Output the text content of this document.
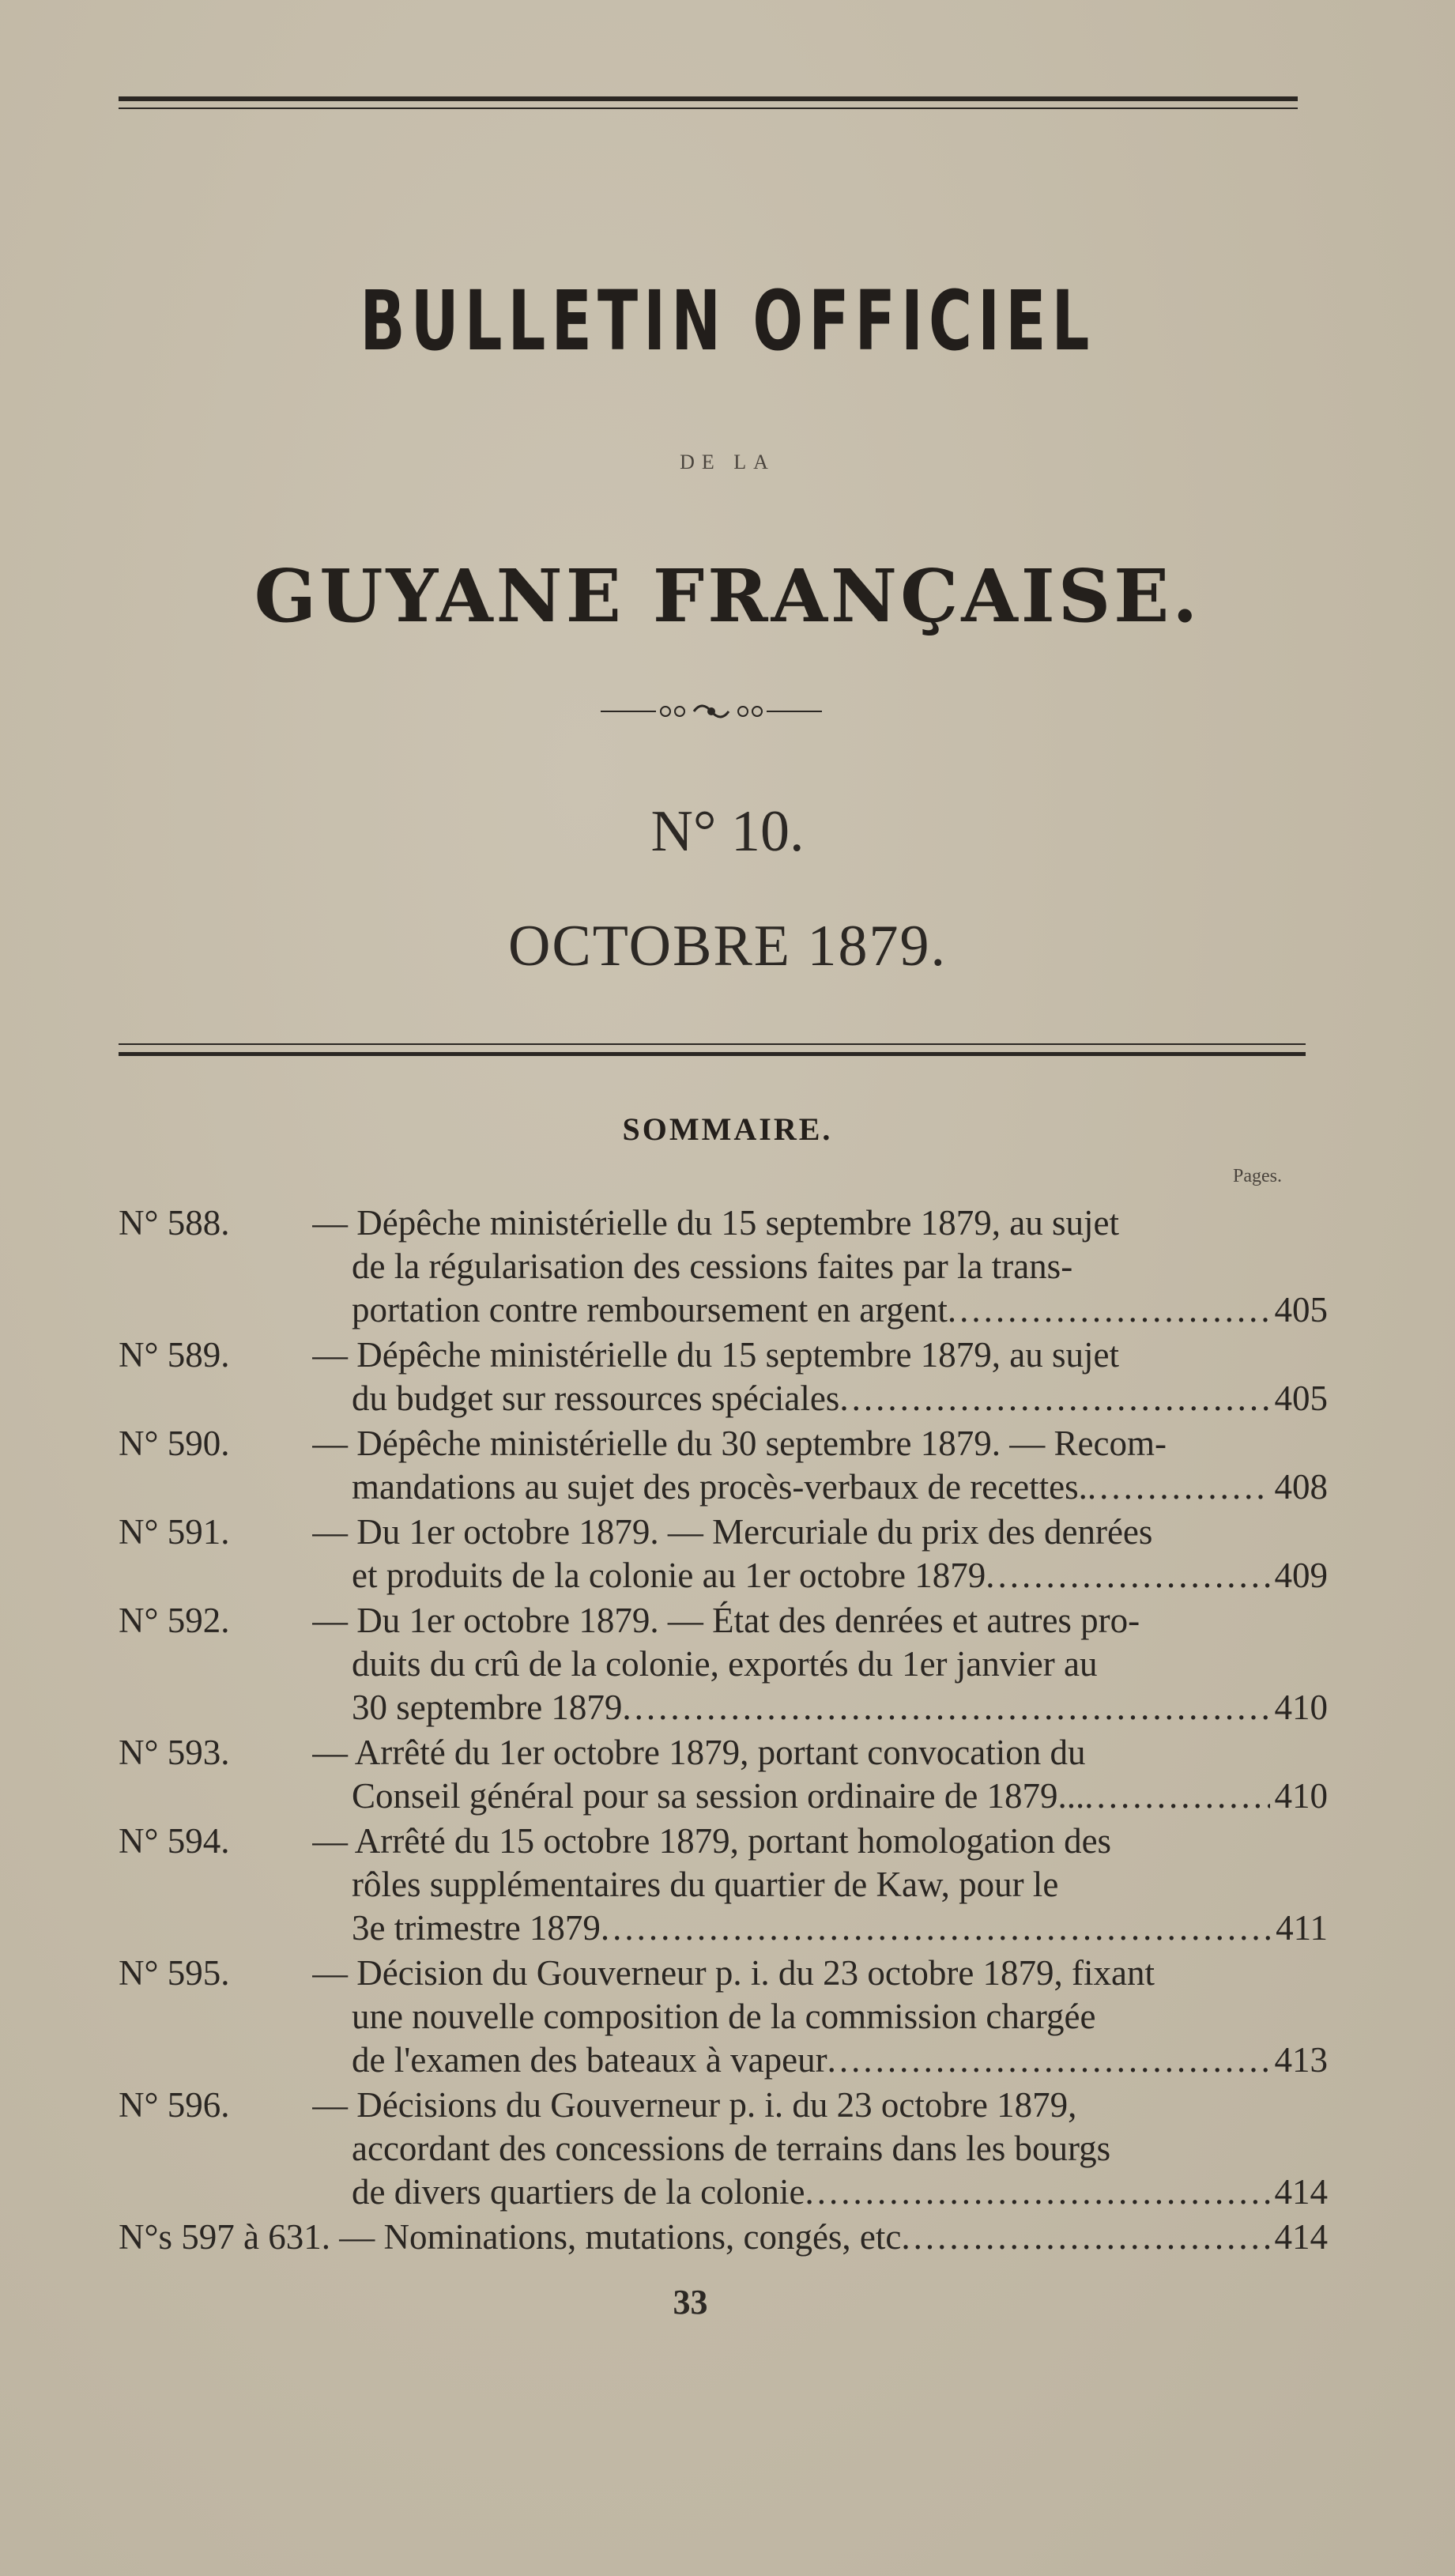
BULLETIN OFFICIEL
DE LA
GUYANE FRANÇAISE.
N° 10.
OCTOBRE 1879.
SOMMAIRE.
Pages.
N° 588. — Dépêche ministérielle du 15 septembre 1879, au sujet
de la régularisation des cessions faites par la trans-
portation contre remboursement en argent .....	405
N° 589. — Dépêche ministérielle du 15 septembre 1879, au sujet
du budget sur ressources spéciales .....	405
N° 590. — Dépêche ministérielle du 30 septembre 1879. — Recom-
mandations au sujet des procès-verbaux de recettes. .....	408
N° 591. — Du 1er octobre 1879. — Mercuriale du prix des denrées
et produits de la colonie au 1er octobre 1879 .....	409
N° 592. — Du 1er octobre 1879. — État des denrées et autres pro-
duits du crû de la colonie, exportés du 1er janvier au
30 septembre 1879 .....	410
N° 593. — Arrêté du 1er octobre 1879, portant convocation du
Conseil général pour sa session ordinaire de 1879... .....	410
N° 594. — Arrêté du 15 octobre 1879, portant homologation des
rôles supplémentaires du quartier de Kaw, pour le
3e trimestre 1879 .....	411
N° 595. — Décision du Gouverneur p. i. du 23 octobre 1879, fixant
une nouvelle composition de la commission chargée
de l'examen des bateaux à vapeur .....	413
N° 596. — Décisions du Gouverneur p. i. du 23 octobre 1879,
accordant des concessions de terrains dans les bourgs
de divers quartiers de la colonie .....	414
N°s 597 à 631. — Nominations, mutations, congés, etc .....	414
33
